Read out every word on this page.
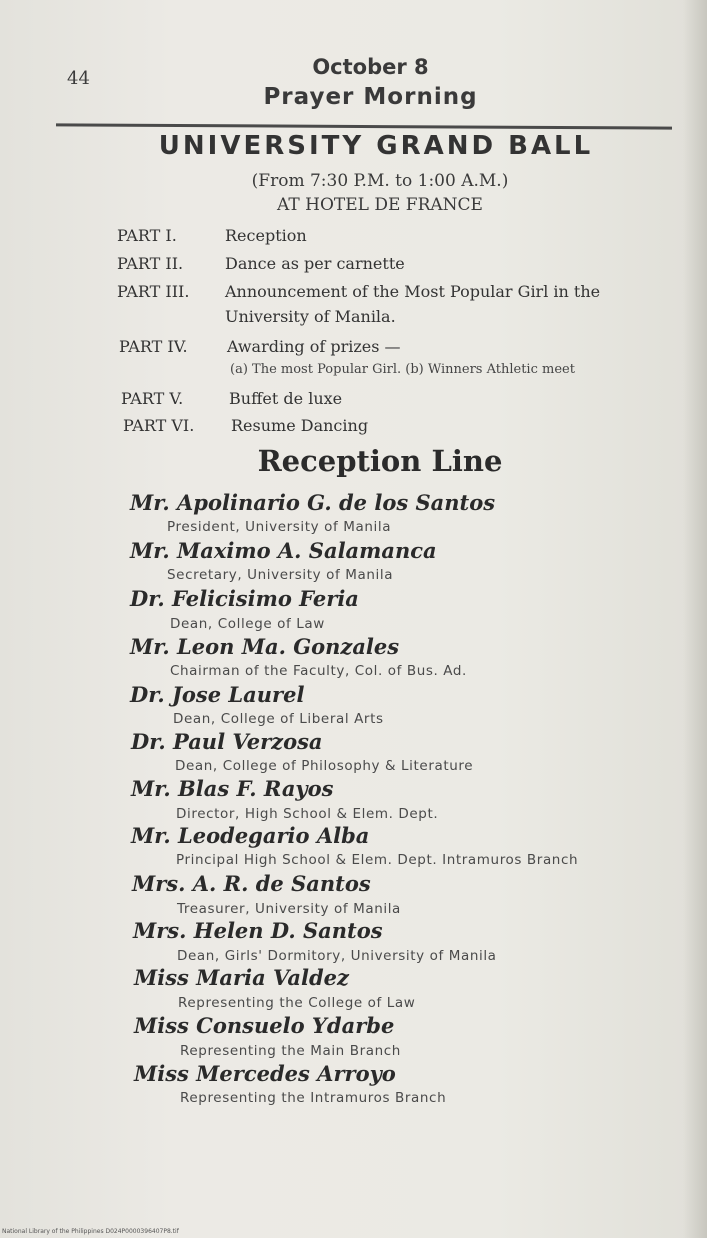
44	October 8
Prayer Morning
UNIVERSITY GRAND BALL
(From 7:30 P.M. to 1:00 A.M.)
AT HOTEL DE FRANCE
PART I.	Reception
PART II.	Dance as per carnette
PART III. Announcement of the Most Popular Girl in the
University of Manila.
PART IV. Awarding of prizes —
(a) The most Popular Girl. (b) Winners Athletic meet
PART V.	Buffet de luxe
PART VI. Resume Dancing
Reception Line
Mr. Apolinario G. de los Santos
President, University of Manila
Mr. Maximo A. Salamanca
Secretary, University of Manila
Dr. Felicisimo Feria
Dean, College of Law
Mr. Leon Ma. Gonzales
Chairman of the Faculty, Col. of Bus. Ad.
Dr. Jose Laurel
Dean, College of Liberal Arts
Dr. Paul Verzosa
Dean, College of Philosophy & Literature
Mr. Blas F. Rayos
Director, High School & Elem. Dept.
Mr. Leodegario Alba
Principal High School & Elem. Dept. Intramuros Branch
Mrs. A. R. de Santos
Treasurer, University of Manila
Mrs. Helen D. Santos
Dean, Girls' Dormitory, University of Manila
Miss Maria Valdez
Representing the College of Law
Miss Consuelo Ydarbe
Representing the Main Branch
Miss Mercedes Arroyo
Representing the Intramuros Branch
National Library of the Philippines D024P0000396407P8.tif
